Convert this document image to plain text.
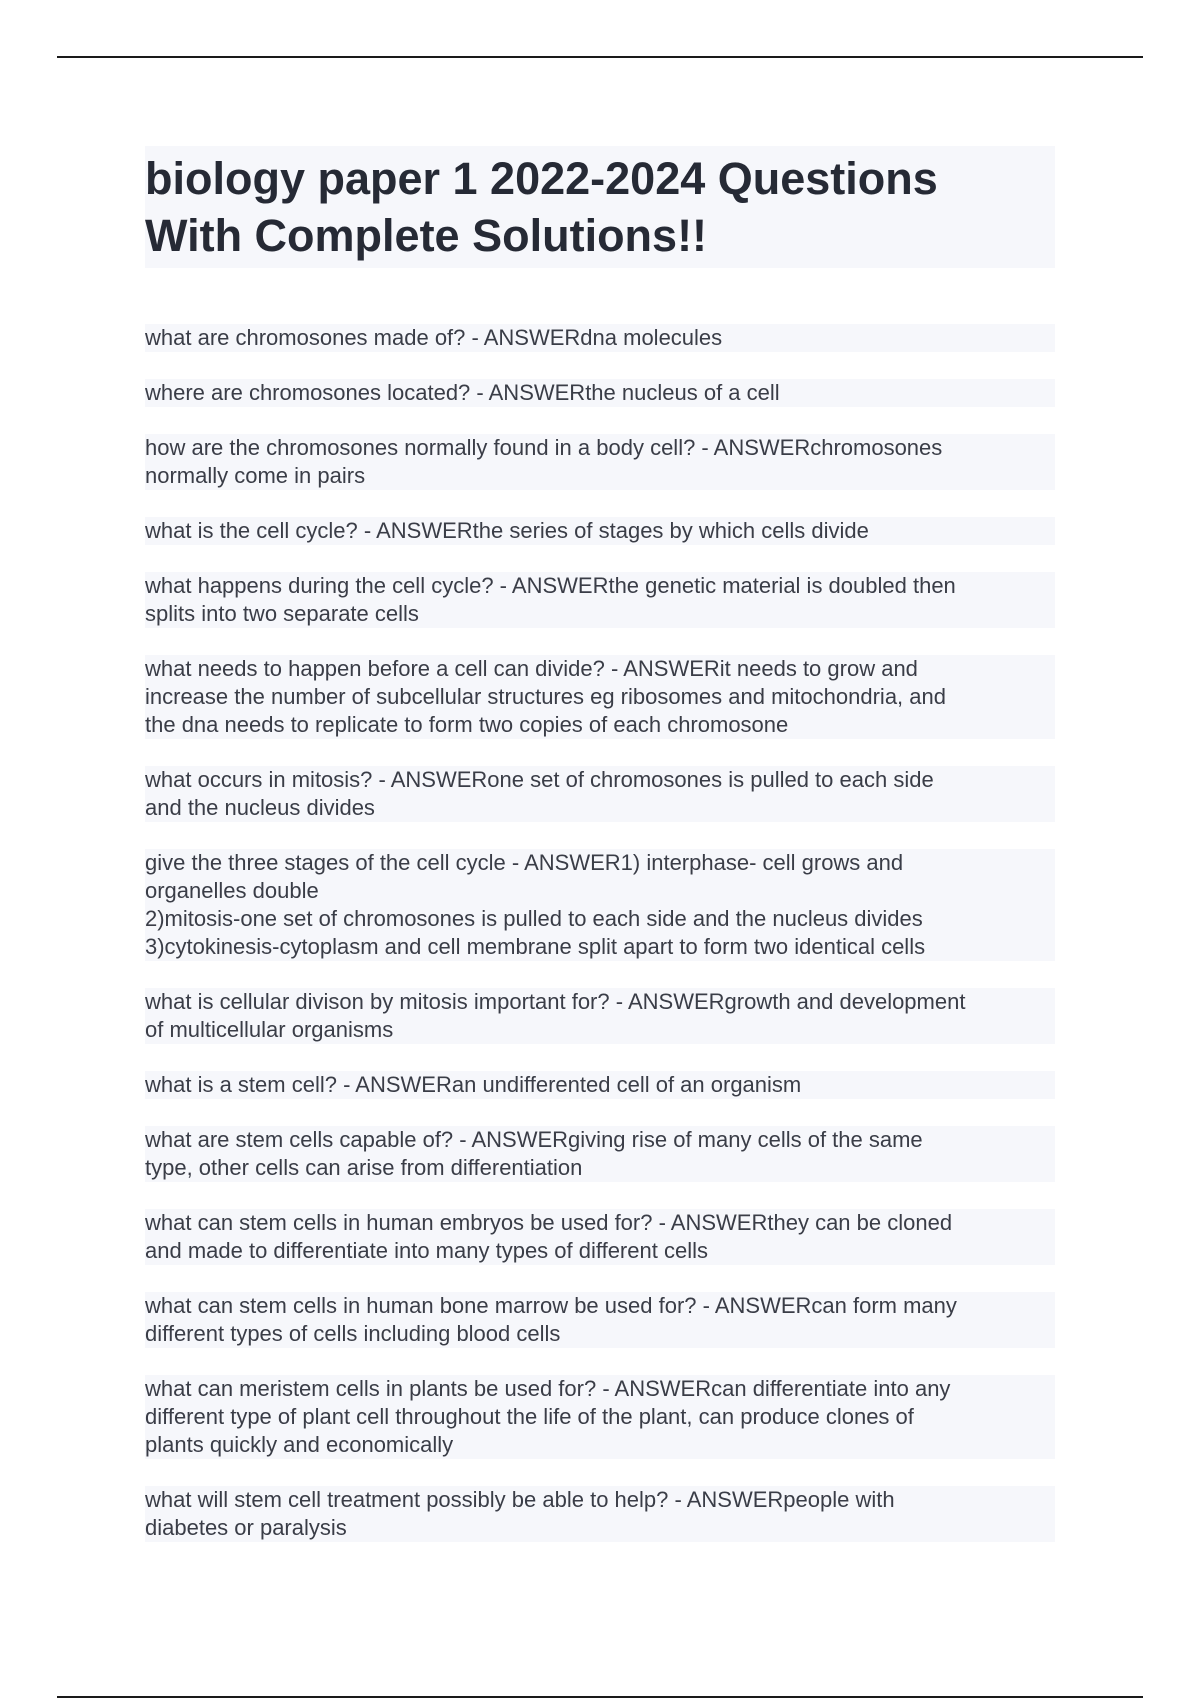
biology paper 1 2022-2024 Questions
With Complete Solutions!!
what are chromosones made of? - ANSWERdna molecules
where are chromosones located? - ANSWERthe nucleus of a cell
how are the chromosones normally found in a body cell? - ANSWERchromosones
normally come in pairs
what is the cell cycle? - ANSWERthe series of stages by which cells divide
what happens during the cell cycle? - ANSWERthe genetic material is doubled then
splits into two separate cells
what needs to happen before a cell can divide? - ANSWERit needs to grow and
increase the number of subcellular structures eg ribosomes and mitochondria, and
the dna needs to replicate to form two copies of each chromosone
what occurs in mitosis? - ANSWERone set of chromosones is pulled to each side
and the nucleus divides
give the three stages of the cell cycle - ANSWER1) interphase- cell grows and
organelles double
2)mitosis-one set of chromosones is pulled to each side and the nucleus divides
3)cytokinesis-cytoplasm and cell membrane split apart to form two identical cells
what is cellular divison by mitosis important for? - ANSWERgrowth and development
of multicellular organisms
what is a stem cell? - ANSWERan undifferented cell of an organism
what are stem cells capable of? - ANSWERgiving rise of many cells of the same
type, other cells can arise from differentiation
what can stem cells in human embryos be used for? - ANSWERthey can be cloned
and made to differentiate into many types of different cells
what can stem cells in human bone marrow be used for? - ANSWERcan form many
different types of cells including blood cells
what can meristem cells in plants be used for? - ANSWERcan differentiate into any
different type of plant cell throughout the life of the plant, can produce clones of
plants quickly and economically
what will stem cell treatment possibly be able to help? - ANSWERpeople with
diabetes or paralysis
